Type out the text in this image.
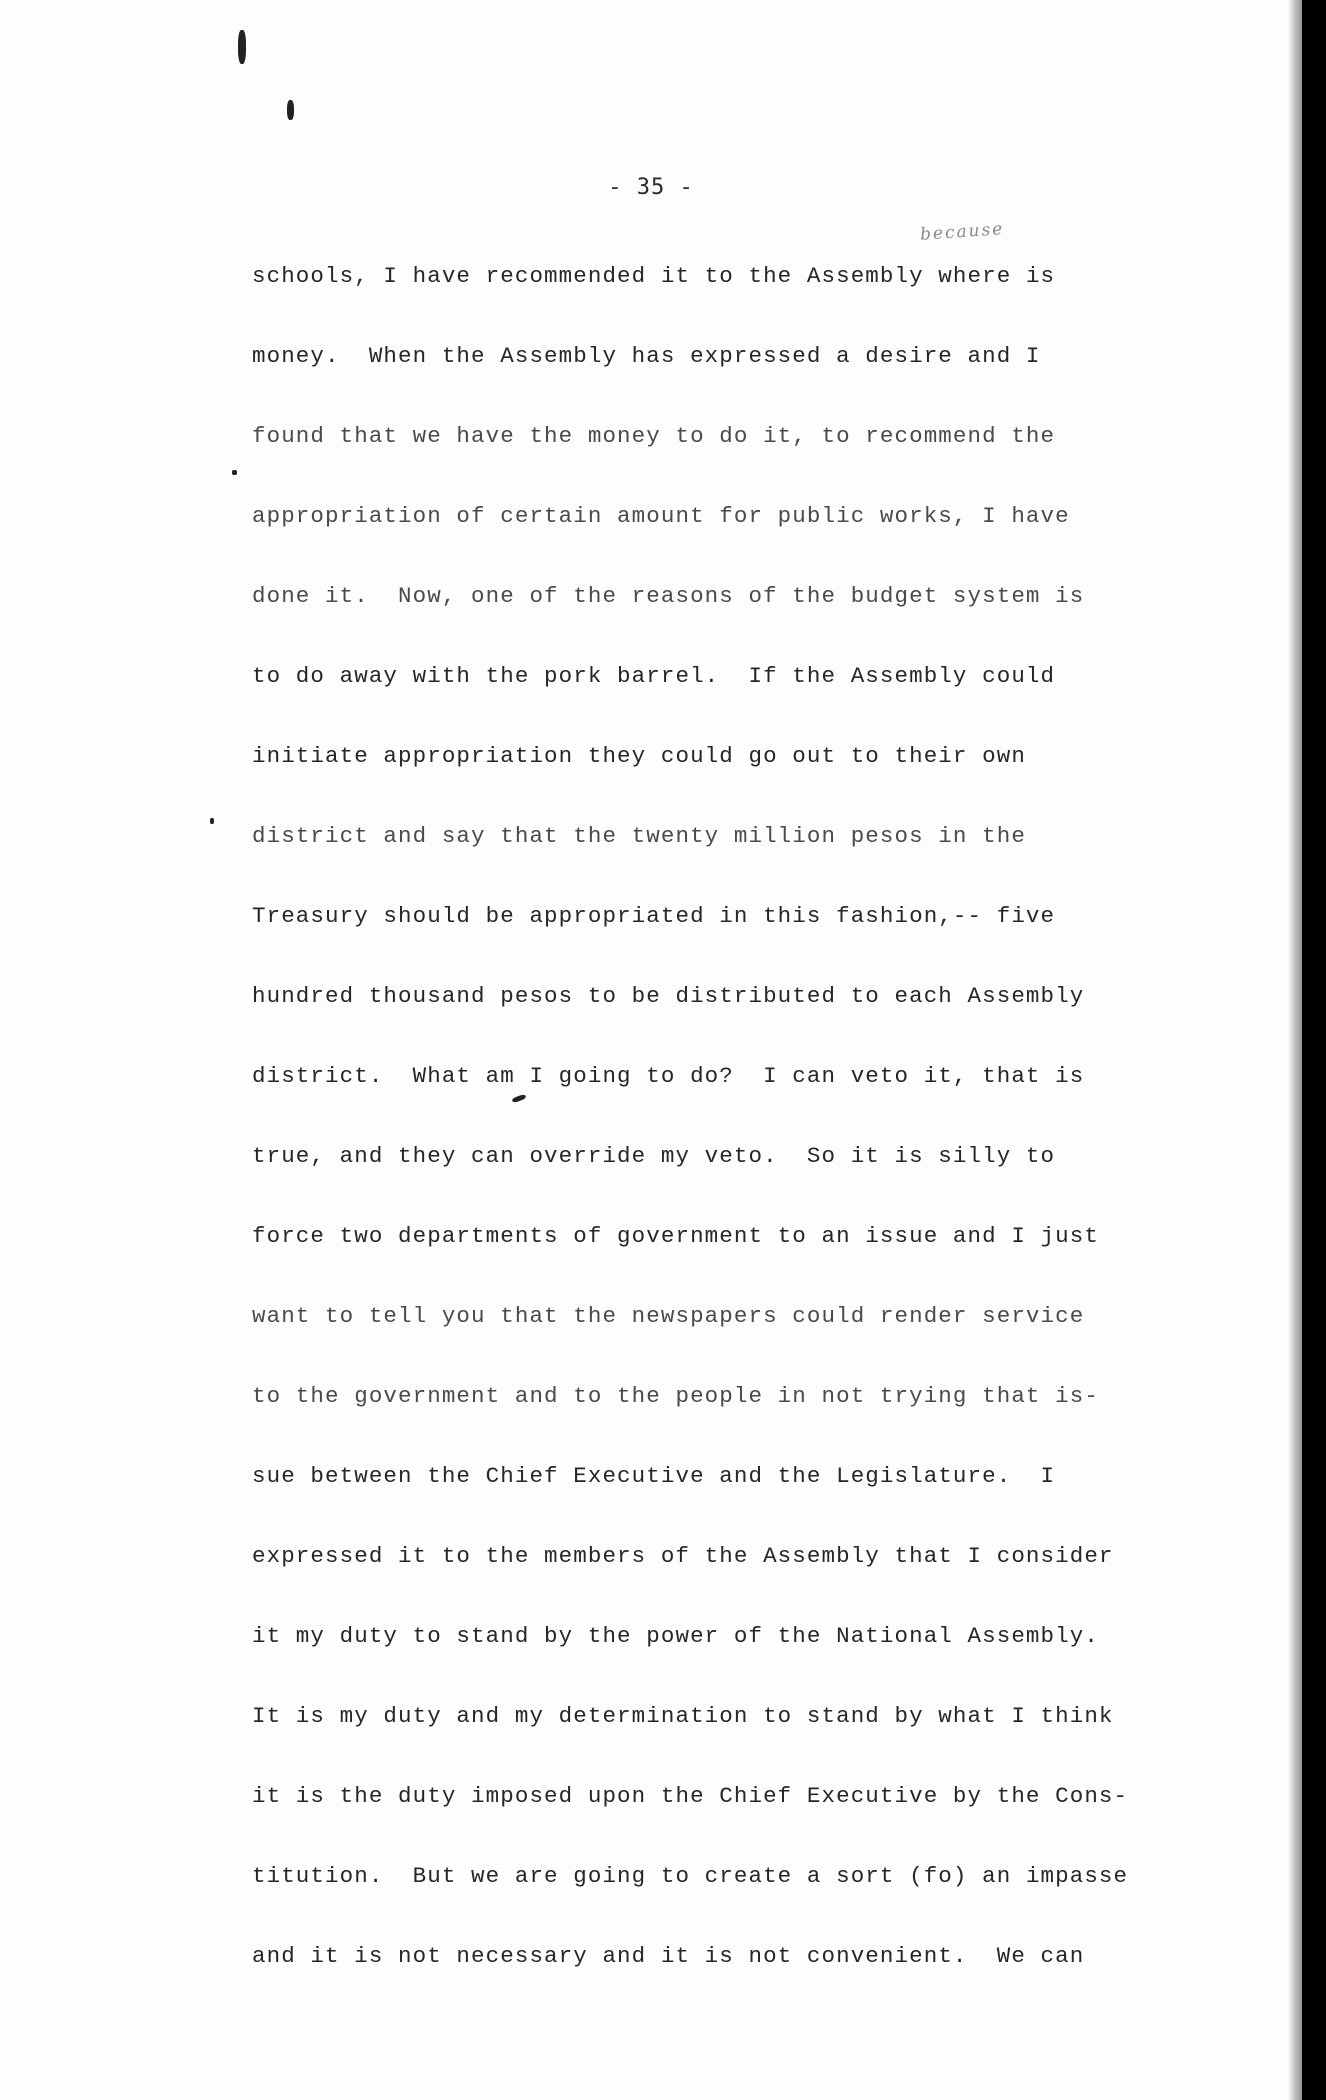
- 35 -
because
schools, I have recommended it to the Assembly where is
money.  When the Assembly has expressed a desire and I
found that we have the money to do it, to recommend the
appropriation of certain amount for public works, I have
done it.  Now, one of the reasons of the budget system is
to do away with the pork barrel.  If the Assembly could
initiate appropriation they could go out to their own
district and say that the twenty million pesos in the
Treasury should be appropriated in this fashion,-- five
hundred thousand pesos to be distributed to each Assembly
district.  What am I going to do?  I can veto it, that is
true, and they can override my veto.  So it is silly to
force two departments of government to an issue and I just
want to tell you that the newspapers could render service
to the government and to the people in not trying that is-
sue between the Chief Executive and the Legislature.  I
expressed it to the members of the Assembly that I consider
it my duty to stand by the power of the National Assembly.
It is my duty and my determination to stand by what I think
it is the duty imposed upon the Chief Executive by the Cons-
titution.  But we are going to create a sort (fo) an impasse
and it is not necessary and it is not convenient.  We can
